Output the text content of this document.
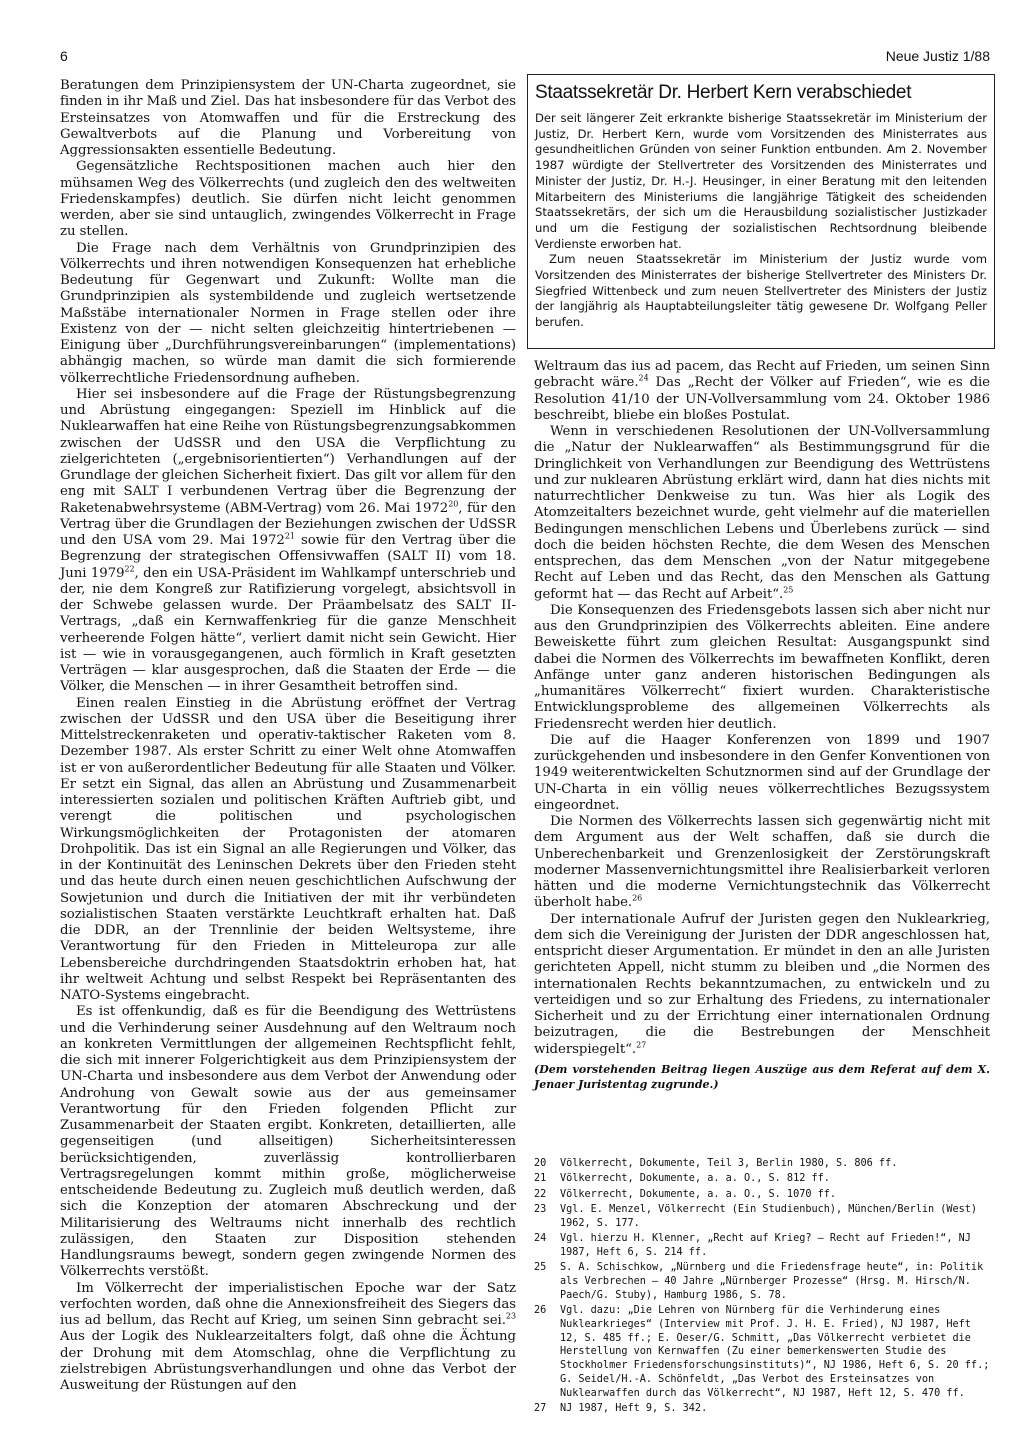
6	Neue Justiz 1/88

Beratungen dem Prinzipiensystem der UN-Charta zugeordnet, sie finden in ihr Maß und Ziel. Das hat insbesondere für das Verbot des Ersteinsatzes von Atomwaffen und für die Erstreckung des Gewaltverbots auf die Planung und Vorbereitung von Aggressionsakten essentielle Bedeutung.

Gegensätzliche Rechtspositionen machen auch hier den mühsamen Weg des Völkerrechts (und zugleich den des weltweiten Friedenskampfes) deutlich. Sie dürfen nicht leicht genommen werden, aber sie sind untauglich, zwingendes Völkerrecht in Frage zu stellen.

Die Frage nach dem Verhältnis von Grundprinzipien des Völkerrechts und ihren notwendigen Konsequenzen hat erhebliche Bedeutung für Gegenwart und Zukunft: Wollte man die Grundprinzipien als systembildende und zugleich wertsetzende Maßstäbe internationaler Normen in Frage stellen oder ihre Existenz von der — nicht selten gleichzeitig hintertriebenen — Einigung über „Durchführungsvereinbarungen“ (implementations) abhängig machen, so würde man damit die sich formierende völkerrechtliche Friedensordnung aufheben.

Hier sei insbesondere auf die Frage der Rüstungsbegrenzung und Abrüstung eingegangen: Speziell im Hinblick auf die Nuklearwaffen hat eine Reihe von Rüstungsbegrenzungsabkommen zwischen der UdSSR und den USA die Verpflichtung zu zielgerichteten („ergebnisorientierten“) Verhandlungen auf der Grundlage der gleichen Sicherheit fixiert. Das gilt vor allem für den eng mit SALT I verbundenen Vertrag über die Begrenzung der Raketenabwehrsysteme (ABM-Vertrag) vom 26. Mai 1972$^{20}$, für den Vertrag über die Grundlagen der Beziehungen zwischen der UdSSR und den USA vom 29. Mai 1972$^{21}$ sowie für den Vertrag über die Begrenzung der strategischen Offensivwaffen (SALT II) vom 18. Juni 1979$^{22}$, den ein USA-Präsident im Wahlkampf unterschrieb und der, nie dem Kongreß zur Ratifizierung vorgelegt, absichtsvoll in der Schwebe gelassen wurde. Der Präambelsatz des SALT II-Vertrags, „daß ein Kernwaffenkrieg für die ganze Menschheit verheerende Folgen hätte“, verliert damit nicht sein Gewicht. Hier ist — wie in vorausgegangenen, auch förmlich in Kraft gesetzten Verträgen — klar ausgesprochen, daß die Staaten der Erde — die Völker, die Menschen — in ihrer Gesamtheit betroffen sind.

Einen realen Einstieg in die Abrüstung eröffnet der Vertrag zwischen der UdSSR und den USA über die Beseitigung ihrer Mittelstreckenraketen und operativ-taktischer Raketen vom 8. Dezember 1987. Als erster Schritt zu einer Welt ohne Atomwaffen ist er von außerordentlicher Bedeutung für alle Staaten und Völker. Er setzt ein Signal, das allen an Abrüstung und Zusammenarbeit interessierten sozialen und politischen Kräften Auftrieb gibt, und verengt die politischen und psychologischen Wirkungsmöglichkeiten der Protagonisten der atomaren Drohpolitik. Das ist ein Signal an alle Regierungen und Völker, das in der Kontinuität des Leninschen Dekrets über den Frieden steht und das heute durch einen neuen geschichtlichen Aufschwung der Sowjetunion und durch die Initiativen der mit ihr verbündeten sozialistischen Staaten verstärkte Leuchtkraft erhalten hat. Daß die DDR, an der Trennlinie der beiden Weltsysteme, ihre Verantwortung für den Frieden in Mitteleuropa zur alle Lebensbereiche durchdringenden Staatsdoktrin erhoben hat, hat ihr weltweit Achtung und selbst Respekt bei Repräsentanten des NATO-Systems eingebracht.

Es ist offenkundig, daß es für die Beendigung des Wettrüstens und die Verhinderung seiner Ausdehnung auf den Weltraum noch an konkreten Vermittlungen der allgemeinen Rechtspflicht fehlt, die sich mit innerer Folgerichtigkeit aus dem Prinzipiensystem der UN-Charta und insbesondere aus dem Verbot der Anwendung oder Androhung von Gewalt sowie aus der aus gemeinsamer Verantwortung für den Frieden folgenden Pflicht zur Zusammenarbeit der Staaten ergibt. Konkreten, detaillierten, alle gegenseitigen (und allseitigen) Sicherheitsinteressen berücksichtigenden, zuverlässig kontrollierbaren Vertragsregelungen kommt mithin große, möglicherweise entscheidende Bedeutung zu. Zugleich muß deutlich werden, daß sich die Konzeption der atomaren Abschreckung und der Militarisierung des Weltraums nicht innerhalb des rechtlich zulässigen, den Staaten zur Disposition stehenden Handlungsraums bewegt, sondern gegen zwingende Normen des Völkerrechts verstößt.

Im Völkerrecht der imperialistischen Epoche war der Satz verfochten worden, daß ohne die Annexionsfreiheit des Siegers das ius ad bellum, das Recht auf Krieg, um seinen Sinn gebracht sei.$^{23}$ Aus der Logik des Nuklearzeitalters folgt, daß ohne die Ächtung der Drohung mit dem Atomschlag, ohne die Verpflichtung zu zielstrebigen Abrüstungsverhandlungen und ohne das Verbot der Ausweitung der Rüstungen auf den

Staatssekretär Dr. Herbert Kern verabschiedet

Der seit längerer Zeit erkrankte bisherige Staatssekretär im Ministerium der Justiz, Dr. Herbert Kern, wurde vom Vorsitzenden des Ministerrates aus gesundheitlichen Gründen von seiner Funktion entbunden. Am 2. November 1987 würdigte der Stellvertreter des Vorsitzenden des Ministerrates und Minister der Justiz, Dr. H.-J. Heusinger, in einer Beratung mit den leitenden Mitarbeitern des Ministeriums die langjährige Tätigkeit des scheidenden Staatssekretärs, der sich um die Herausbildung sozialistischer Justizkader und um die Festigung der sozialistischen Rechtsordnung bleibende Verdienste erworben hat.

Zum neuen Staatssekretär im Ministerium der Justiz wurde vom Vorsitzenden des Ministerrates der bisherige Stellvertreter des Ministers Dr. Siegfried Wittenbeck und zum neuen Stellvertreter des Ministers der Justiz der langjährig als Hauptabteilungsleiter tätig gewesene Dr. Wolfgang Peller berufen.

Weltraum das ius ad pacem, das Recht auf Frieden, um seinen Sinn gebracht wäre.$^{24}$ Das „Recht der Völker auf Frieden“, wie es die Resolution 41/10 der UN-Vollversammlung vom 24. Oktober 1986 beschreibt, bliebe ein bloßes Postulat.

Wenn in verschiedenen Resolutionen der UN-Vollversammlung die „Natur der Nuklearwaffen“ als Bestimmungsgrund für die Dringlichkeit von Verhandlungen zur Beendigung des Wettrüstens und zur nuklearen Abrüstung erklärt wird, dann hat dies nichts mit naturrechtlicher Denkweise zu tun. Was hier als Logik des Atomzeitalters bezeichnet wurde, geht vielmehr auf die materiellen Bedingungen menschlichen Lebens und Überlebens zurück — sind doch die beiden höchsten Rechte, die dem Wesen des Menschen entsprechen, das dem Menschen „von der Natur mitgegebene Recht auf Leben und das Recht, das den Menschen als Gattung geformt hat — das Recht auf Arbeit“.$^{25}$

Die Konsequenzen des Friedensgebots lassen sich aber nicht nur aus den Grundprinzipien des Völkerrechts ableiten. Eine andere Beweiskette führt zum gleichen Resultat: Ausgangspunkt sind dabei die Normen des Völkerrechts im bewaffneten Konflikt, deren Anfänge unter ganz anderen historischen Bedingungen als „humanitäres Völkerrecht“ fixiert wurden. Charakteristische Entwicklungsprobleme des allgemeinen Völkerrechts als Friedensrecht werden hier deutlich.

Die auf die Haager Konferenzen von 1899 und 1907 zurückgehenden und insbesondere in den Genfer Konventionen von 1949 weiterentwickelten Schutznormen sind auf der Grundlage der UN-Charta in ein völlig neues völkerrechtliches Bezugssystem eingeordnet.

Die Normen des Völkerrechts lassen sich gegenwärtig nicht mit dem Argument aus der Welt schaffen, daß sie durch die Unberechenbarkeit und Grenzenlosigkeit der Zerstörungskraft moderner Massenvernichtungsmittel ihre Realisierbarkeit verloren hätten und die moderne Vernichtungstechnik das Völkerrecht überholt habe.$^{26}$

Der internationale Aufruf der Juristen gegen den Nuklearkrieg, dem sich die Vereinigung der Juristen der DDR angeschlossen hat, entspricht dieser Argumentation. Er mündet in den an alle Juristen gerichteten Appell, nicht stumm zu bleiben und „die Normen des internationalen Rechts bekanntzumachen, zu entwickeln und zu verteidigen und so zur Erhaltung des Friedens, zu internationaler Sicherheit und zu der Errichtung einer internationalen Ordnung beizutragen, die die Bestrebungen der Menschheit widerspiegelt“.$^{27}$

(Dem vorstehenden Beitrag liegen Auszüge aus dem Referat auf dem X. Jenaer Juristentag zugrunde.)
20 Völkerrecht, Dokumente, Teil 3, Berlin 1980, S. 806 ff.
21 Völkerrecht, Dokumente, a. a. O., S. 812 ff.
22 Völkerrecht, Dokumente, a. a. O., S. 1070 ff.
23 Vgl. E. Menzel, Völkerrecht (Ein Studienbuch), München/Berlin (West) 1962, S. 177.
24 Vgl. hierzu H. Klenner, „Recht auf Krieg? — Recht auf Frieden!“, NJ 1987, Heft 6, S. 214 ff.
25 S. A. Schischkow, „Nürnberg und die Friedensfrage heute“, in: Politik als Verbrechen — 40 Jahre „Nürnberger Prozesse“ (Hrsg. M. Hirsch/N. Paech/G. Stuby), Hamburg 1986, S. 78.
26 Vgl. dazu: „Die Lehren von Nürnberg für die Verhinderung eines Nuklearkrieges“ (Interview mit Prof. J. H. E. Fried), NJ 1987, Heft 12, S. 485 ff.; E. Oeser/G. Schmitt, „Das Völkerrecht verbietet die Herstellung von Kernwaffen (Zu einer bemerkenswerten Studie des Stockholmer Friedensforschungsinstituts)“, NJ 1986, Heft 6, S. 20 ff.; G. Seidel/H.-A. Schönfeldt, „Das Verbot des Ersteinsatzes von Nuklearwaffen durch das Völkerrecht“, NJ 1987, Heft 12, S. 470 ff.
27 NJ 1987, Heft 9, S. 342.
